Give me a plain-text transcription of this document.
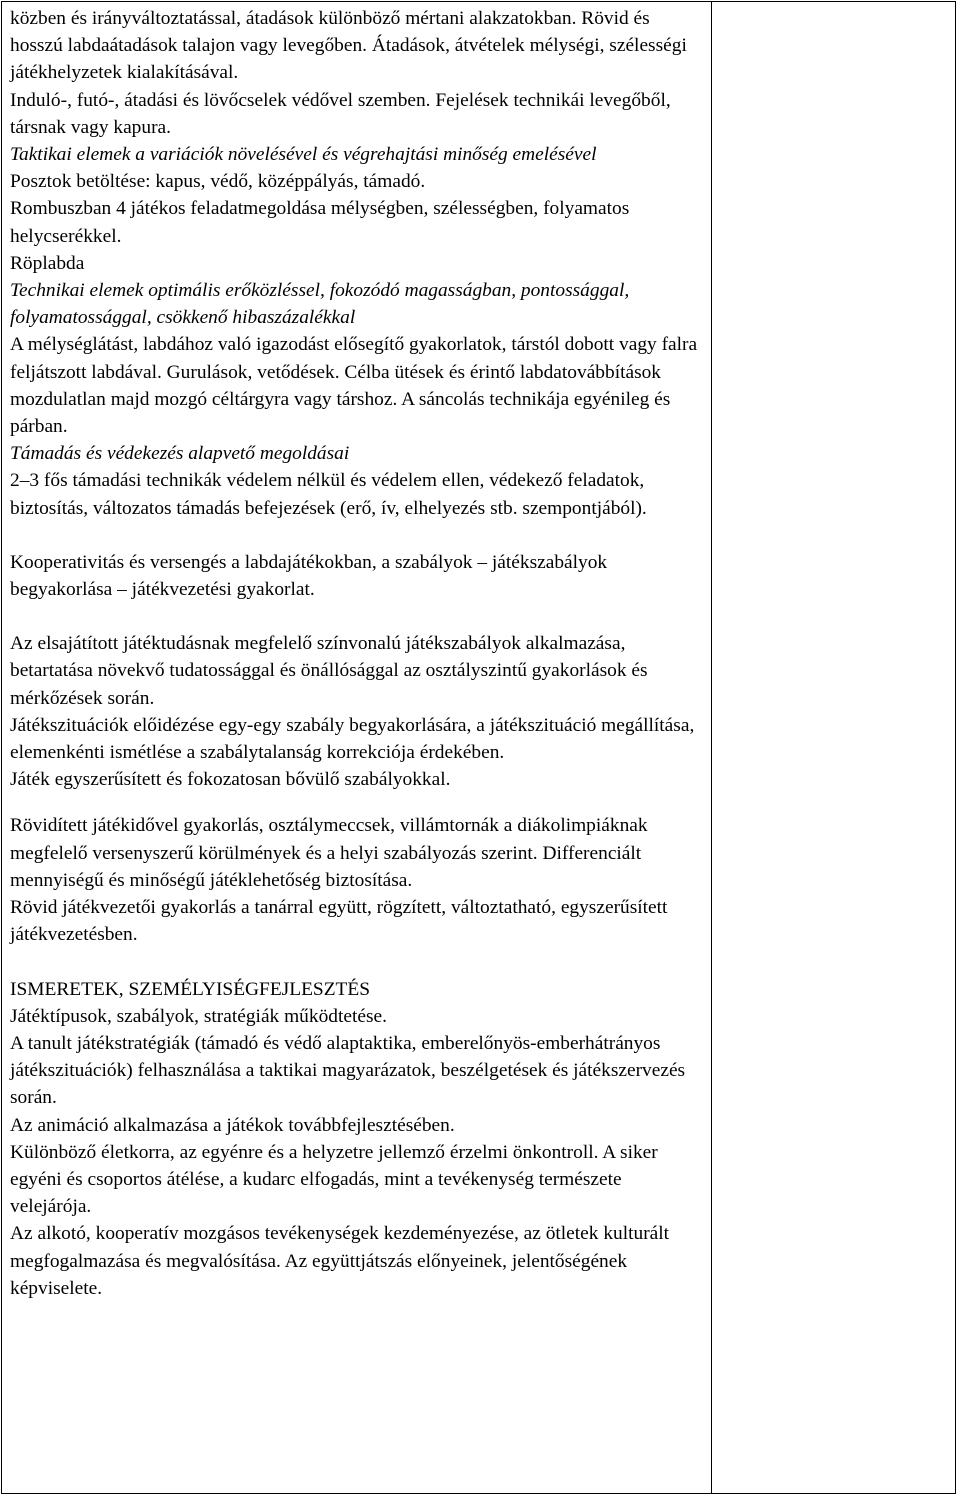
közben és irányváltoztatással, átadások különböző mértani alakzatokban. Rövid és hosszú labdaátadások talajon vagy levegőben. Átadások, átvételek mélységi, szélességi játékhelyzetek kialakításával.

Induló-, futó-, átadási és lövőcselek védővel szemben. Fejelések technikái levegőből, társnak vagy kapura.

Taktikai elemek a variációk növelésével és végrehajtási minőség emelésével

Posztok betöltése: kapus, védő, középpályás, támadó.

Rombuszban 4 játékos feladatmegoldása mélységben, szélességben, folyamatos helycserékkel.

Röplabda

Technikai elemek optimális erőközléssel, fokozódó magasságban, pontossággal, folyamatossággal, csökkenő hibaszázalékkal

A mélységlátást, labdához való igazodást elősegítő gyakorlatok, társtól dobott vagy falra feljátszott labdával. Gurulások, vetődések. Célba ütések és érintő labdatovábbítások mozdulatlan majd mozgó céltárgyra vagy társhoz. A sáncolás technikája egyénileg és párban.

Támadás és védekezés alapvető megoldásai

2‒3 fős támadási technikák védelem nélkül és védelem ellen, védekező feladatok, biztosítás, változatos támadás befejezések (erő, ív, elhelyezés stb. szempontjából).

Kooperativitás és versengés a labdajátékokban, a szabályok – játékszabályok begyakorlása – játékvezetési gyakorlat.

Az elsajátított játéktudásnak megfelelő színvonalú játékszabályok alkalmazása, betartatása növekvő tudatossággal és önállósággal az osztályszintű gyakorlások és mérkőzések során.

Játékszituációk előidézése egy-egy szabály begyakorlására, a játékszituáció megállítása, elemenkénti ismétlése a szabálytalanság korrekciója érdekében.

Játék egyszerűsített és fokozatosan bővülő szabályokkal.

Rövidített játékidővel gyakorlás, osztálymeccsek, villámtornák a diákolimpiáknak megfelelő versenyszerű körülmények és a helyi szabályozás szerint. Differenciált mennyiségű és minőségű játéklehetőség biztosítása.

Rövid játékvezetői gyakorlás a tanárral együtt, rögzített, változtatható, egyszerűsített játékvezetésben.

ISMERETEK, SZEMÉLYISÉGFEJLESZTÉS

Játéktípusok, szabályok, stratégiák működtetése.

A tanult játékstratégiák (támadó és védő alaptaktika, emberelőnyös-emberhátrányos játékszituációk) felhasználása a taktikai magyarázatok, beszélgetések és játékszervezés során.

Az animáció alkalmazása a játékok továbbfejlesztésében.

Különböző életkorra, az egyénre és a helyzetre jellemző érzelmi önkontroll. A siker egyéni és csoportos átélése, a kudarc elfogadás, mint a tevékenység természete velejárója.

Az alkotó, kooperatív mozgásos tevékenységek kezdeményezése, az ötletek kulturált megfogalmazása és megvalósítása. Az együttjátszás előnyeinek, jelentőségének képviselete.
